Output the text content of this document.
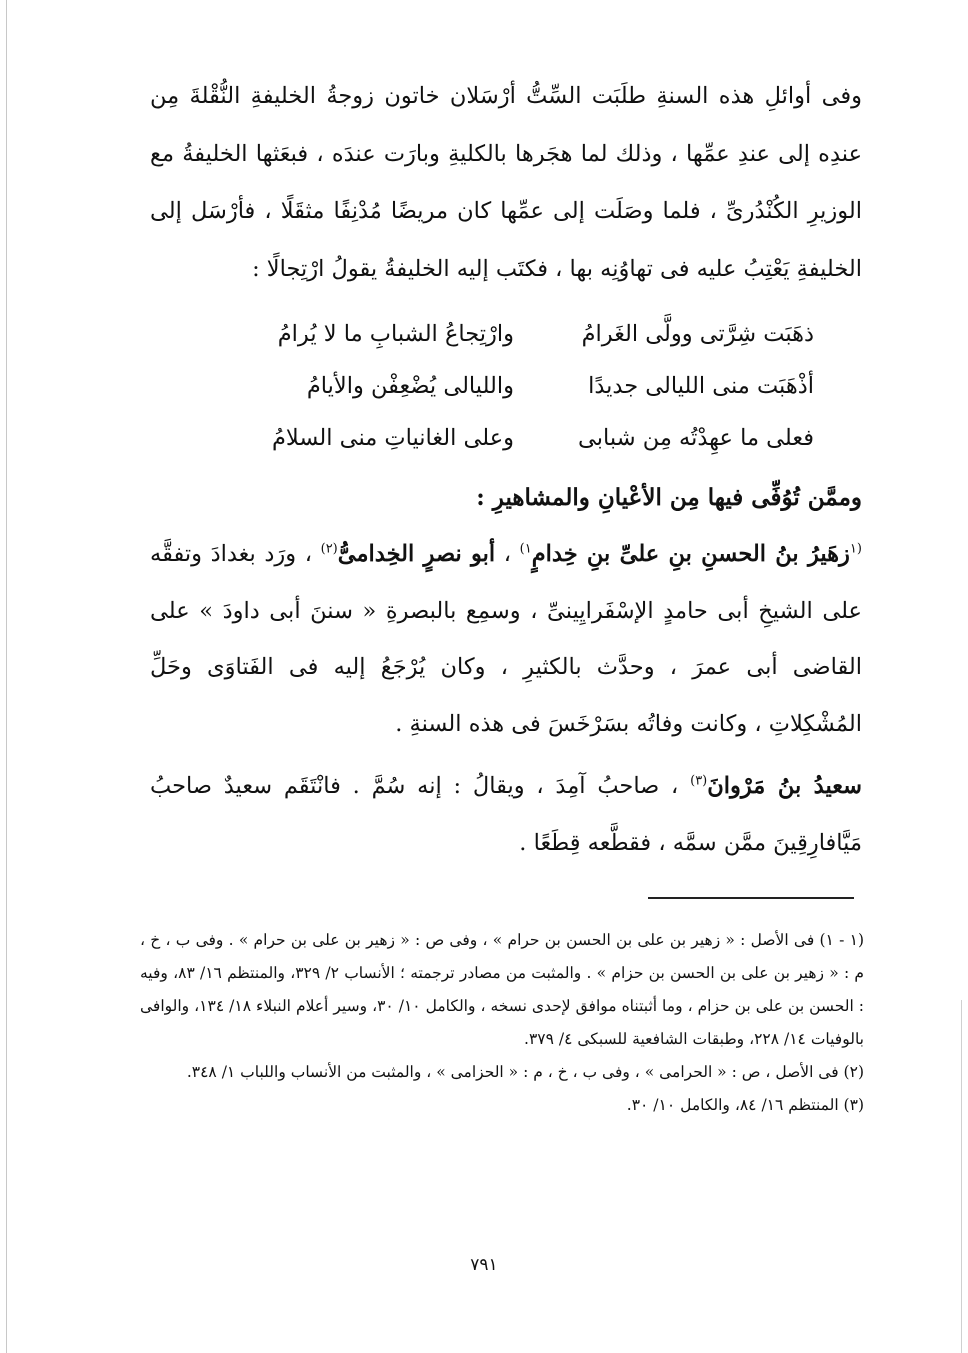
وفى أوائلِ هذه السنةِ طلَبَت السِّتُّ أرْسَلان خاتون زوجةُ الخليفةِ النُّقْلةَ مِن عندِه إلى عندِ عمِّها ، وذلك لما هجَرها بالكليةِ وبارَت عندَه ، فبعَثها الخليفةُ مع الوزيرِ الكُنْدُرىِّ ، فلما وصَلَت إلى عمِّها كان مريضًا مُدْنِفًا مثقَلًا ، فأرْسَل إلى الخليفةِ يَعْتِبُ عليه فى تهاوُنِه بها ، فكتَب إليه الخليفةُ يقولُ ارْتِجالًا :

ذهَبَت شِرَّتى وولَّى الغَرامُ
وارْتِجاعُ الشبابِ ما لا يُرامُ
أذْهَبَت منى الليالى جديدًا
والليالى يُضْعِفْن والأيامُ
فعلى ما عهِدْتُه مِن شبابى
وعلى الغانياتِ منى السلامُ
وممَّن تُوُفِّى فيها مِن الأعْيانِ والمشاهيرِ :

$^{(١}$زهَيرُ بنُ الحسنِ بنِ علىِّ بنِ خِدامٍ$^{١)}$ ، أبو نصرٍ الخِدامىُّ$^{(٢)}$ ، ورَد بغدادَ وتفقَّه على الشيخِ أبى حامدٍ الإسْفَرايِينىِّ ، وسمِع بالبصرةِ « سننَ أبى داودَ » على القاضى أبى عمرَ ، وحدَّث بالكثيرِ ، وكان يُرْجَعُ إليه فى الفَتاوَى وحَلِّ المُشْكِلاتِ ، وكانت وفاتُه بسَرْخَسَ فى هذه السنةِ .

سعيدُ بنُ مَرْوانَ$^{(٣)}$ ، صاحبُ آمِدَ ، ويقالُ : إنه سُمَّ . فانْتَقَم سعيدٌ صاحبُ مَيَّافارِقِينَ ممَّن سمَّه ، فقطَّعه قِطَعًا .

(١ - ١) فى الأصل : « زهير بن على بن الحسن بن حرام » ، وفى ص : « زهير بن على بن حرام » . وفى ب ، خ ، م : « زهير بن على بن الحسن بن حزام » . والمثبت من مصادر ترجمته ؛ الأنساب ٢/ ٣٢٩، والمنتظم ١٦/ ٨٣، وفيه : الحسن بن على بن حزام ، وما أثبتناه موافق لإحدى نسخه ، والكامل ١٠/ ٣٠، وسير أعلام النبلاء ١٨/ ١٣٤، والوافى بالوفيات ١٤/ ٢٢٨، وطبقات الشافعية للسبكى ٤/ ٣٧٩.

(٢) فى الأصل ، ص : « الحرامى » ، وفى ب ، خ ، م : « الحزامى » ، والمثبت من الأنساب واللباب ١/ ٣٤٨.

(٣) المنتظم ١٦/ ٨٤، والكامل ١٠/ ٣٠.

٧٩١
